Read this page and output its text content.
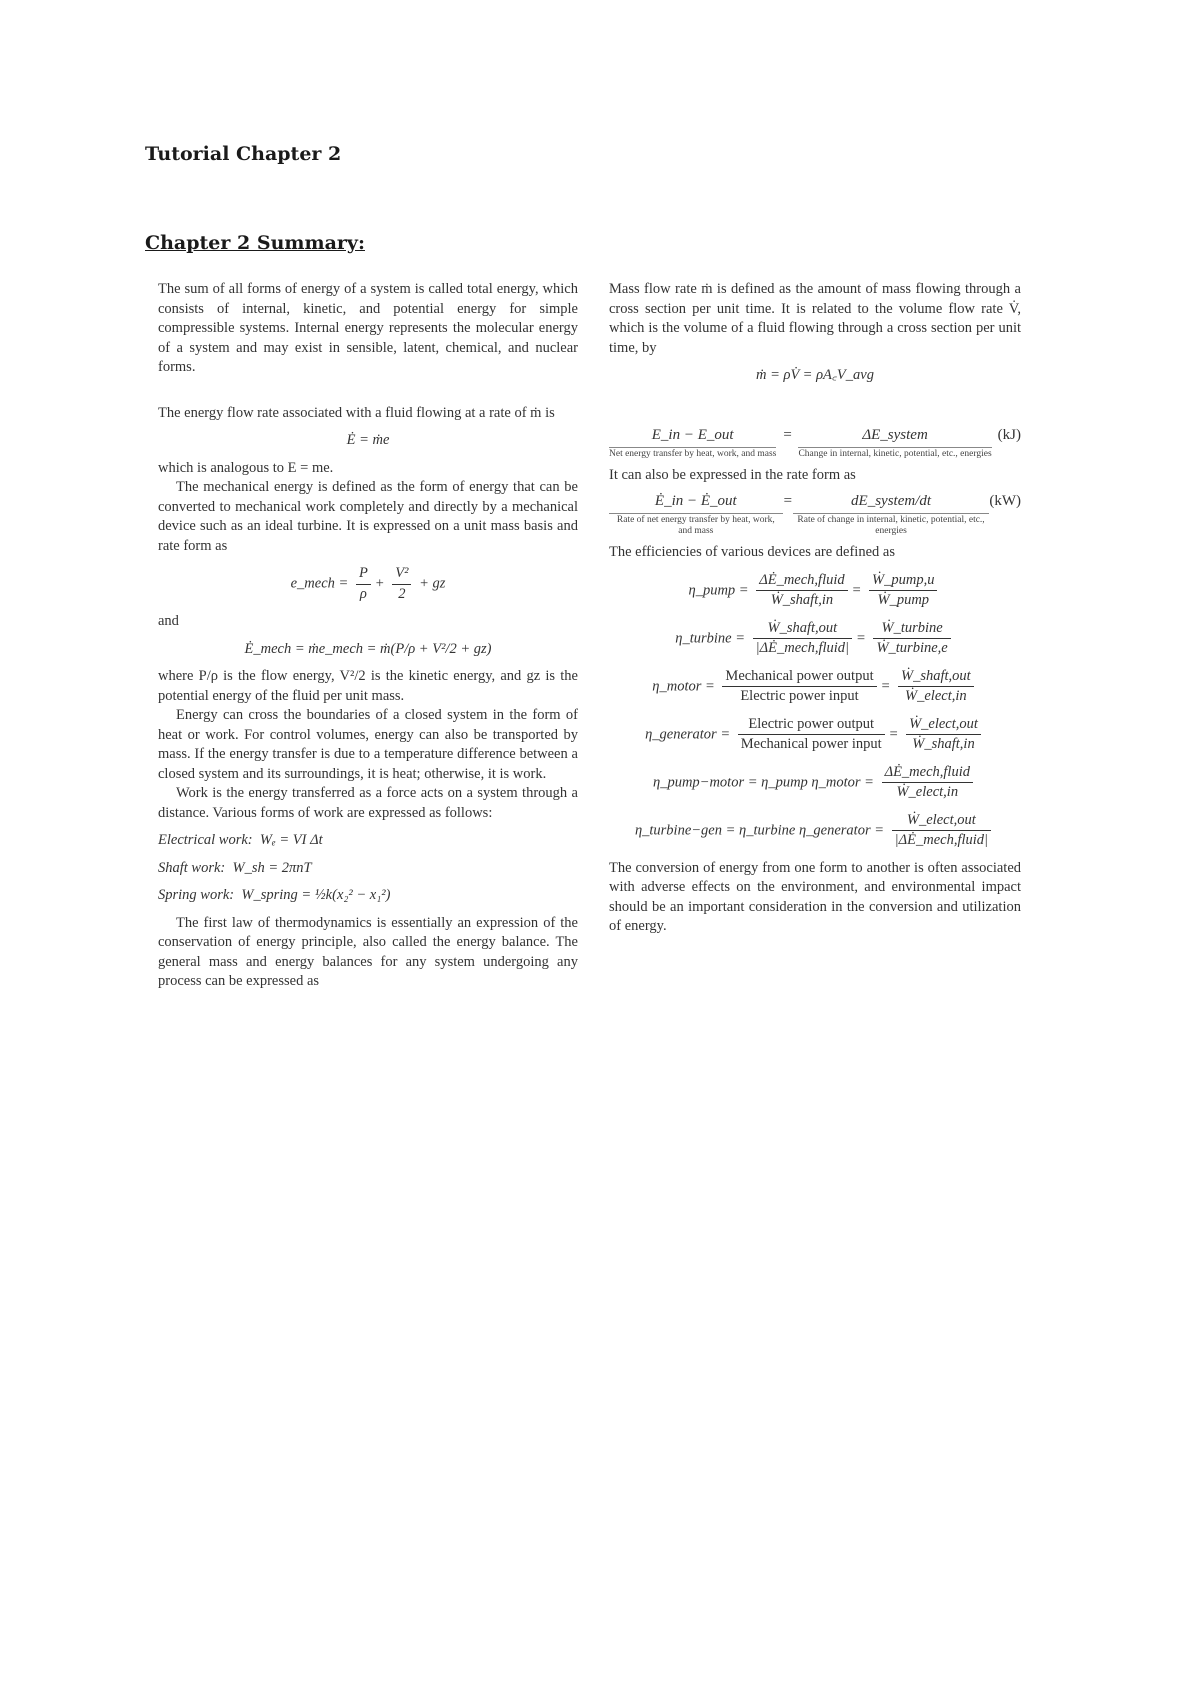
Tutorial Chapter 2
Chapter 2 Summary:

The sum of all forms of energy of a system is called total energy, which consists of internal, kinetic, and potential energy for simple compressible systems. Internal energy represents the molecular energy of a system and may exist in sensible, latent, chemical, and nuclear forms.

The energy flow rate associated with a fluid flowing at a rate of ṁ is

Ė = ṁe

which is analogous to E = me.

The mechanical energy is defined as the form of energy that can be converted to mechanical work completely and directly by a mechanical device such as an ideal turbine. It is expressed on a unit mass basis and rate form as

e_mech = $\frac{P}{\rho} + \frac{\text{V²}}{2}$ + gz

and

Ė_mech = ṁe_mech = ṁ(P/ρ + V²/2 + gz)

where P/ρ is the flow energy, V²/2 is the kinetic energy, and gz is the potential energy of the fluid per unit mass.

Energy can cross the boundaries of a closed system in the form of heat or work. For control volumes, energy can also be transported by mass. If the energy transfer is due to a temperature difference between a closed system and its surroundings, it is heat; otherwise, it is work.

Work is the energy transferred as a force acts on a system through a distance. Various forms of work are expressed as follows:

Electrical work: Wₑ = VI Δt
Shaft work: W_sh = 2πnT
Spring work: W_spring = ½k(x₂² − x₁²)

The first law of thermodynamics is essentially an expression of the conservation of energy principle, also called the energy balance. The general mass and energy balances for any system undergoing any process can be expressed as

Mass flow rate ṁ is defined as the amount of mass flowing through a cross section per unit time. It is related to the volume flow rate V̇, which is the volume of a fluid flowing through a cross section per unit time, by

ṁ = ρV̇ = ρA꜀V_avg
E_in − E_out
Net energy transfer by heat, work, and mass
=	ΔE_system
Change in internal, kinetic, potential, etc., energies
(kJ)

It can also be expressed in the rate form as

Ė_in − Ė_out
Rate of net energy transfer by heat, work, and mass
=	dE_system/dt
Rate of change in internal, kinetic, potential, etc., energies
(kW)

The efficiencies of various devices are defined as

η_pump = $\frac{\text{ΔĖ\_mech,fluid}}{\text{Ẇ\_shaft,in}} = \frac{\text{Ẇ\_pump,u}}{\text{Ẇ\_pump}}$
η_turbine = $\frac{\text{Ẇ\_shaft,out}}{\text{|ΔĖ\_mech,fluid|}} = \frac{\text{Ẇ\_turbine}}{\text{Ẇ\_turbine,e}}$
η_motor = $\frac{\text{Mechanical power output}}{\text{Electric power input}} = \frac{\text{Ẇ\_shaft,out}}{\text{Ẇ\_elect,in}}$
η_generator = $\frac{\text{Electric power output}}{\text{Mechanical power input}} = \frac{\text{Ẇ\_elect,out}}{\text{Ẇ\_shaft,in}}$
η_pump−motor = η_pump η_motor = $\frac{\text{ΔĖ\_mech,fluid}}{\text{Ẇ\_elect,in}}$
η_turbine−gen = η_turbine η_generator = $\frac{\text{Ẇ\_elect,out}}{\text{|ΔĖ\_mech,fluid|}}$

The conversion of energy from one form to another is often associated with adverse effects on the environment, and environmental impact should be an important consideration in the conversion and utilization of energy.
